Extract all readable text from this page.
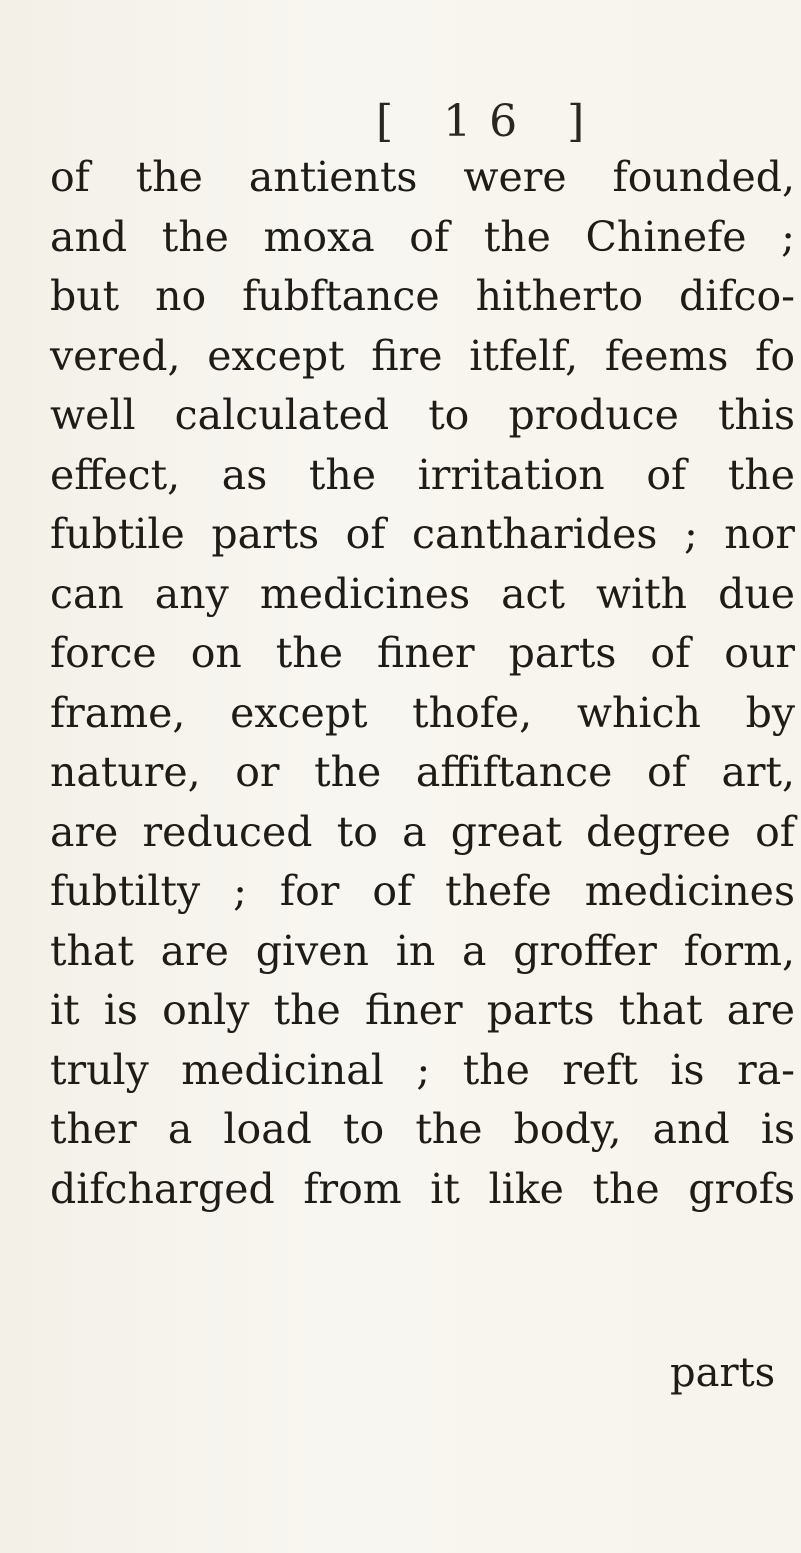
[ 16 ]
of the antients were founded,
and the moxa of the Chinefe ;
but no fubftance hitherto difco-
vered, except fire itfelf, feems fo
well calculated to produce this
effect, as the irritation of the
fubtile parts of cantharides ; nor
can any medicines act with due
force on the finer parts of our
frame, except thofe, which by
nature, or the affiftance of art,
are reduced to a great degree of
fubtilty ; for of thefe medicines
that are given in a groffer form,
it is only the finer parts that are
truly medicinal ; the reft is ra-
ther a load to the body, and is
difcharged from it like the grofs
parts
